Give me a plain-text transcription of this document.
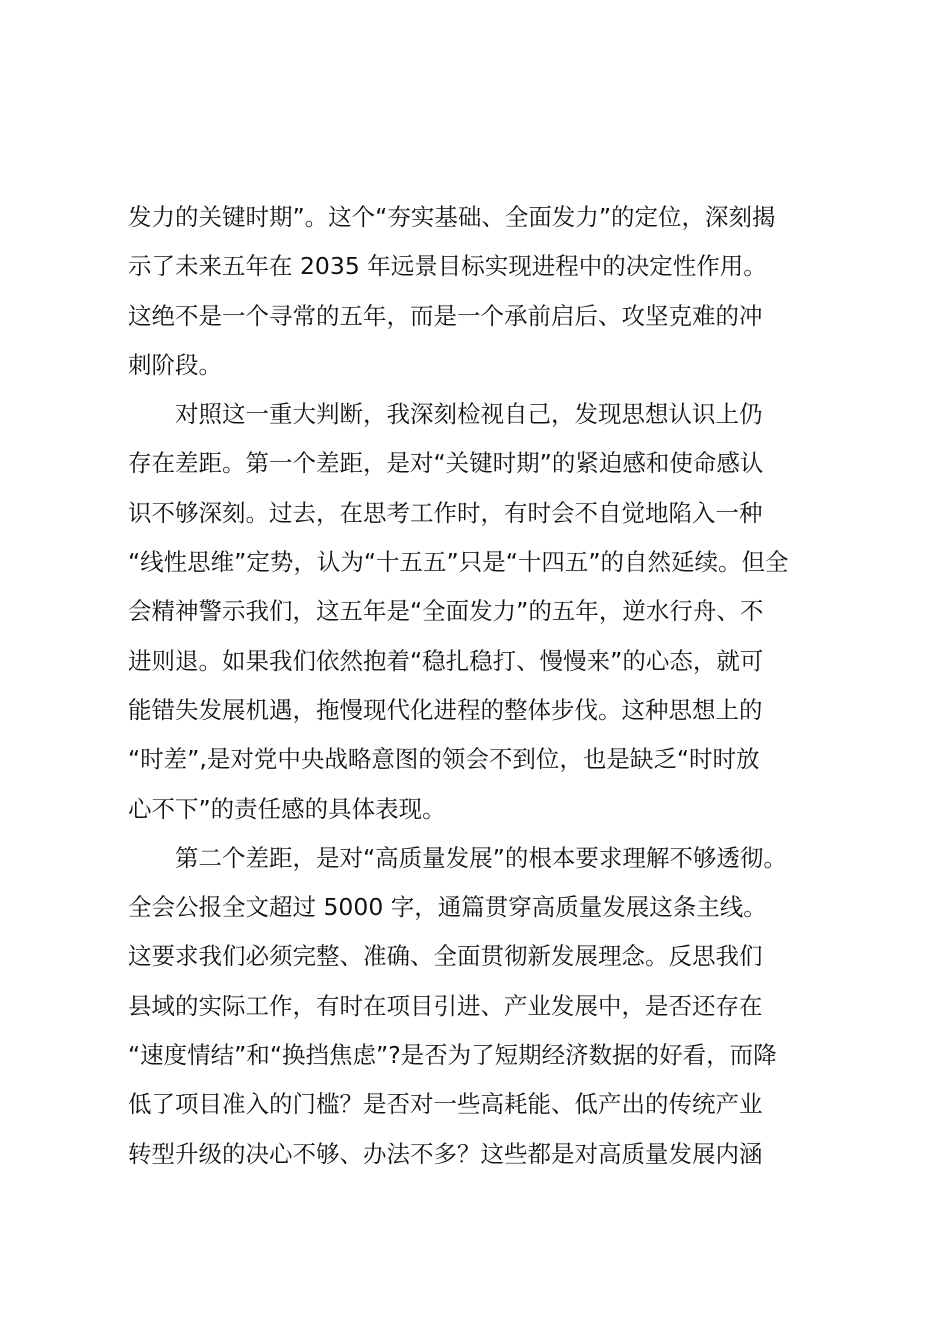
发力的关键时期”。这个“夯实基础、全面发力”的定位，深刻揭
示了未来五年在 2035 年远景目标实现进程中的决定性作用。
这绝不是一个寻常的五年，而是一个承前启后、攻坚克难的冲
刺阶段。
　　对照这一重大判断，我深刻检视自己，发现思想认识上仍
存在差距。第一个差距，是对“关键时期”的紧迫感和使命感认
识不够深刻。过去，在思考工作时，有时会不自觉地陷入一种
“线性思维”定势，认为“十五五”只是“十四五”的自然延续。但全
会精神警示我们，这五年是“全面发力”的五年，逆水行舟、不
进则退。如果我们依然抱着“稳扎稳打、慢慢来”的心态，就可
能错失发展机遇，拖慢现代化进程的整体步伐。这种思想上的
“时差”,是对党中央战略意图的领会不到位，也是缺乏“时时放
心不下”的责任感的具体表现。
　　第二个差距，是对“高质量发展”的根本要求理解不够透彻。
全会公报全文超过 5000 字，通篇贯穿高质量发展这条主线。
这要求我们必须完整、准确、全面贯彻新发展理念。反思我们
县域的实际工作，有时在项目引进、产业发展中，是否还存在
“速度情结”和“换挡焦虑”?是否为了短期经济数据的好看，而降
低了项目准入的门槛？是否对一些高耗能、低产出的传统产业
转型升级的决心不够、办法不多？这些都是对高质量发展内涵
